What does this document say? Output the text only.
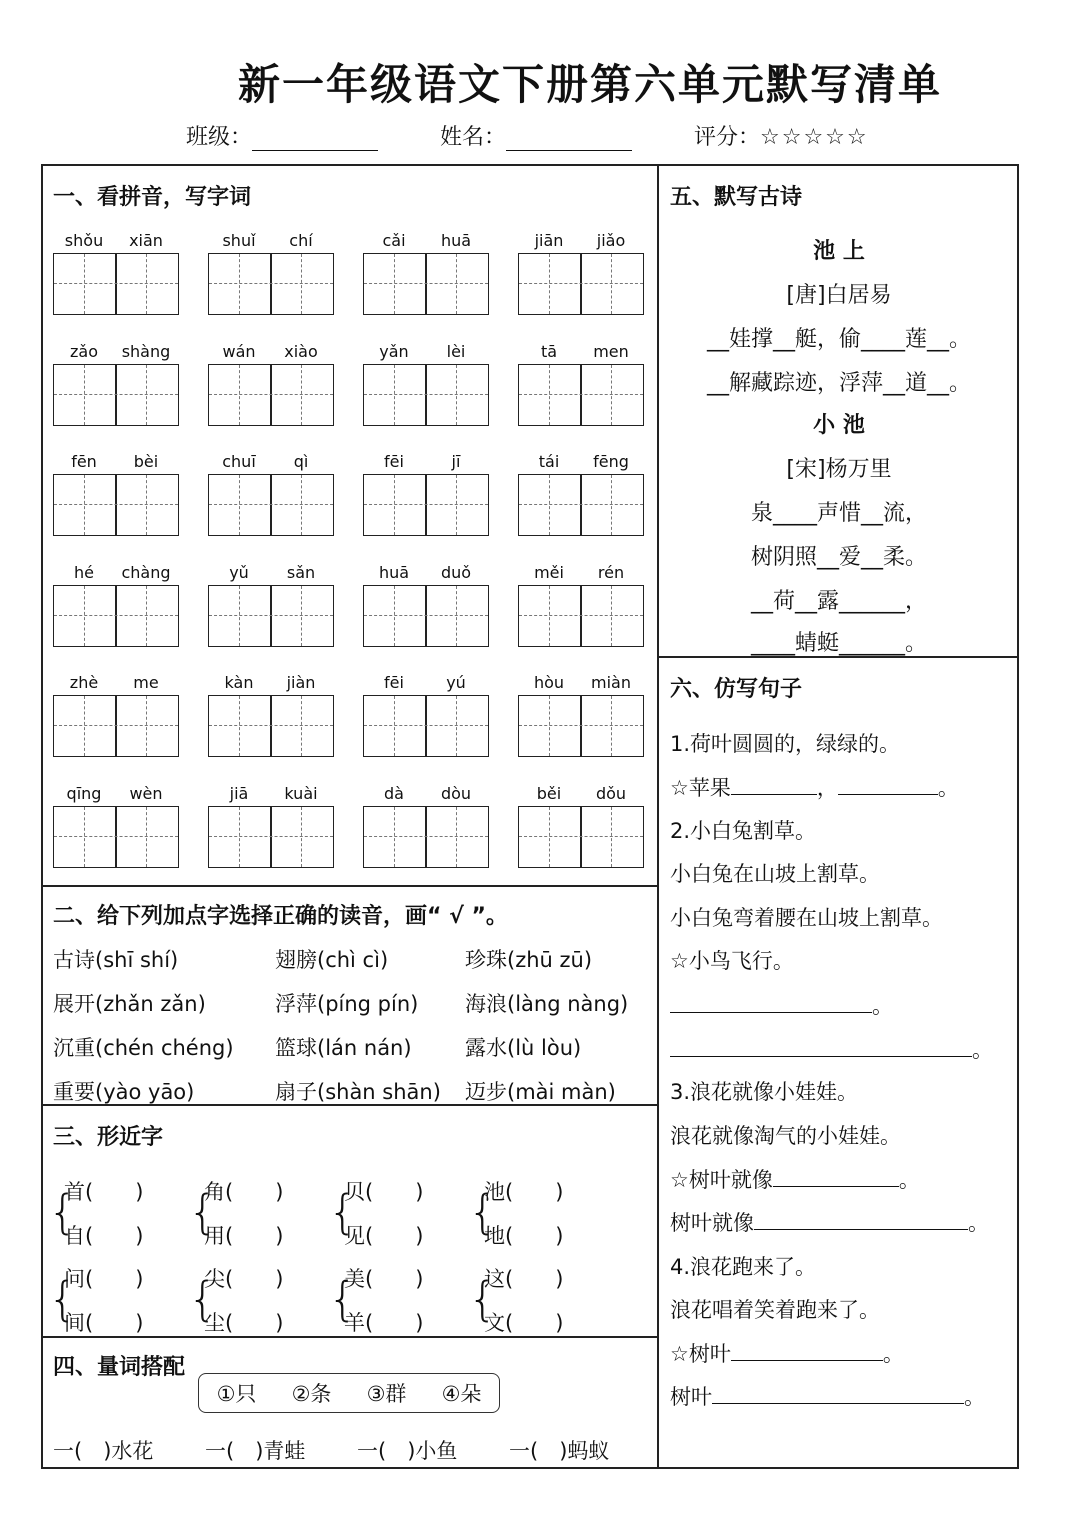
新一年级语文下册第六单元默写清单
班级：	姓名：	评分：☆☆☆☆☆
一、看拼音，写字词
shǒu	xiān	shuǐ	chí	cǎi	huā	jiān	jiǎo
zǎo	shàng	wán	xiào	yǎn	lèi	tā	men
fēn	bèi	chuī	qì	fēi	jī	tái	fēng
hé	chàng	yǔ	sǎn	huā	duǒ	měi	rén
zhè	me	kàn	jiàn	fēi	yú	hòu	miàn
qīng	wèn	jiā	kuài	dà	dòu	běi	dǒu
二、给下列加点字选择正确的读音，画“ √ ”。
古诗(shī shí)	翅膀(chì cì)	珍珠(zhū zū)
展开(zhǎn zǎn)	浮萍(píng pín) 海浪(làng nàng)
沉重(chén chéng) 篮球(lán nán)	露水(lù lòu)
重要(yào yāo)	扇子(shàn shān) 迈步(mài màn)
三、形近字
{
首(　　)
自(　　) {
角(　　)
用(　　) {
贝(　　)
见(　　) {
池(　　)
地(　　)
{
问(　　)
间(　　) {
尖(　　)
尘(　　) {
美(　　)
羊(　　) {
这(　　)
文(　　)
四、量词搭配
①只 ②条 ③群 ④朵
一(　)水花 一(　)青蛙 一(　)小鱼 一(　)蚂蚁
五、默写古诗
池 上
[唐]白居易
__娃撑__艇，偷____莲__。
__解藏踪迹，浮萍__道__。
小 池
[宋]杨万里
泉____声惜__流，
树阴照__爱__柔。
__荷__露______，
____蜻蜓______。
六、仿写句子
1.荷叶圆圆的，绿绿的。
☆苹果	，	。
2.小白兔割草。
小白兔在山坡上割草。
小白兔弯着腰在山坡上割草。
☆小鸟飞行。
。
。
3.浪花就像小娃娃。
浪花就像淘气的小娃娃。
☆树叶就像	。
树叶就像	。
4.浪花跑来了。
浪花唱着笑着跑来了。
☆树叶	。
树叶	。
